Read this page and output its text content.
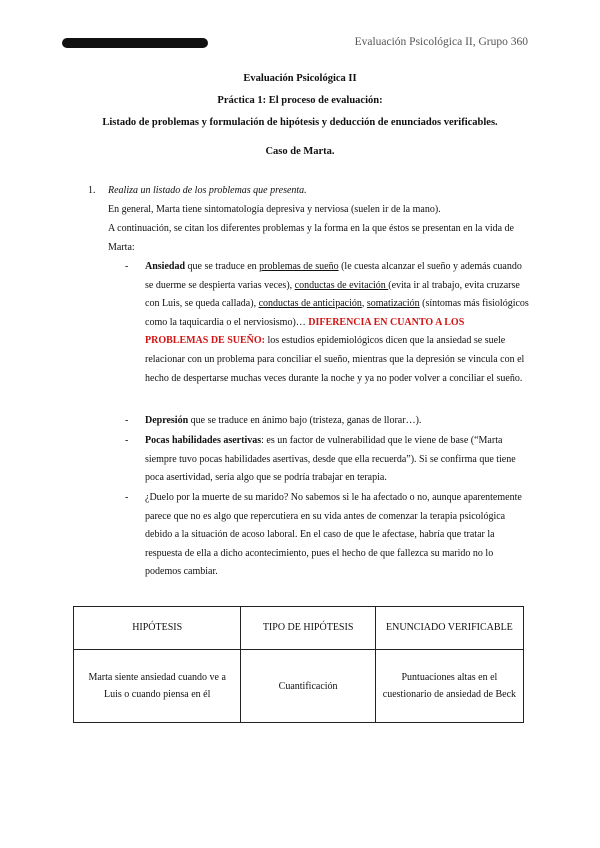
Evaluación Psicológica II, Grupo 360
Evaluación Psicológica II
Práctica 1: El proceso de evaluación:
Listado de problemas y formulación de hipótesis y deducción de enunciados verificables.
Caso de Marta.
1. Realiza un listado de los problemas que presenta.
En general, Marta tiene sintomatología depresiva y nerviosa (suelen ir de la mano).
A continuación, se citan los diferentes problemas y la forma en la que éstos se presentan en la vida de Marta:
- Ansiedad que se traduce en problemas de sueño (le cuesta alcanzar el sueño y además cuando se duerme se despierta varias veces), conductas de evitación (evita ir al trabajo, evita cruzarse con Luis, se queda callada), conductas de anticipación, somatización (síntomas más fisiológicos como la taquicardia o el nerviosismo)… DIFERENCIA EN CUANTO A LOS PROBLEMAS DE SUEÑO: los estudios epidemiológicos dicen que la ansiedad se suele relacionar con un problema para conciliar el sueño, mientras que la depresión se vincula con el hecho de despertarse muchas veces durante la noche y ya no poder volver a conciliar el sueño.
- Depresión que se traduce en ánimo bajo (tristeza, ganas de llorar…).
- Pocas habilidades asertivas: es un factor de vulnerabilidad que le viene de base (“Marta siempre tuvo pocas habilidades asertivas, desde que ella recuerda”). Si se confirma que tiene poca asertividad, sería algo que se podría trabajar en terapia.
- ¿Duelo por la muerte de su marido? No sabemos si le ha afectado o no, aunque aparentemente parece que no es algo que repercutiera en su vida antes de comenzar la terapia psicológica debido a la situación de acoso laboral. En el caso de que le afectase, habría que tratar la respuesta de ella a dicho acontecimiento, pues el hecho de que fallezca su marido no lo podemos cambiar.
HIPÓTESIS	TIPO DE HIPÓTESIS	ENUNCIADO VERIFICABLE
Marta siente ansiedad cuando ve a Luis o cuando piensa en él	Cuantificación	Puntuaciones altas en el cuestionario de ansiedad de Beck
